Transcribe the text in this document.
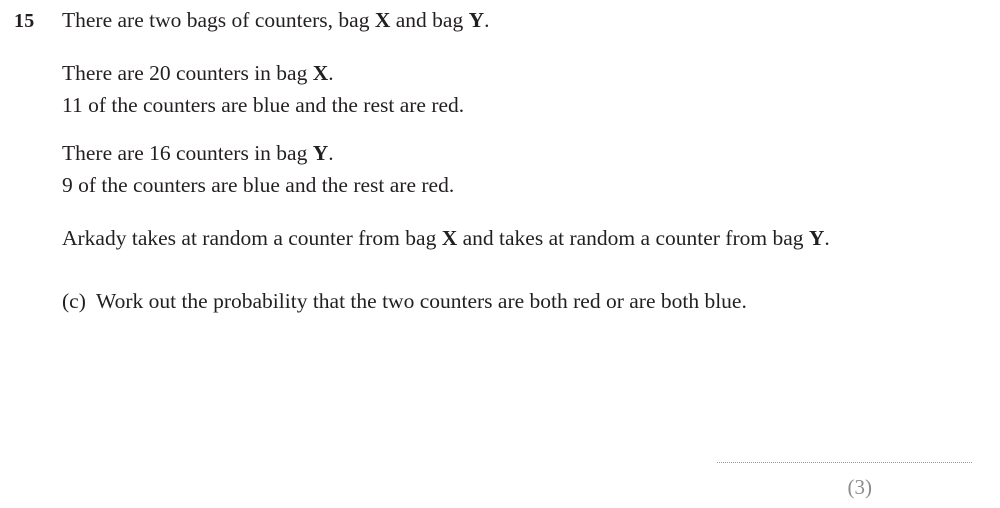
15 There are two bags of counters, bag X and bag Y.

There are 20 counters in bag X.

11 of the counters are blue and the rest are red.

There are 16 counters in bag Y.

9 of the counters are blue and the rest are red.

Arkady takes at random a counter from bag X and takes at random a counter from bag Y.

(c) Work out the probability that the two counters are both red or are both blue.
(3)
